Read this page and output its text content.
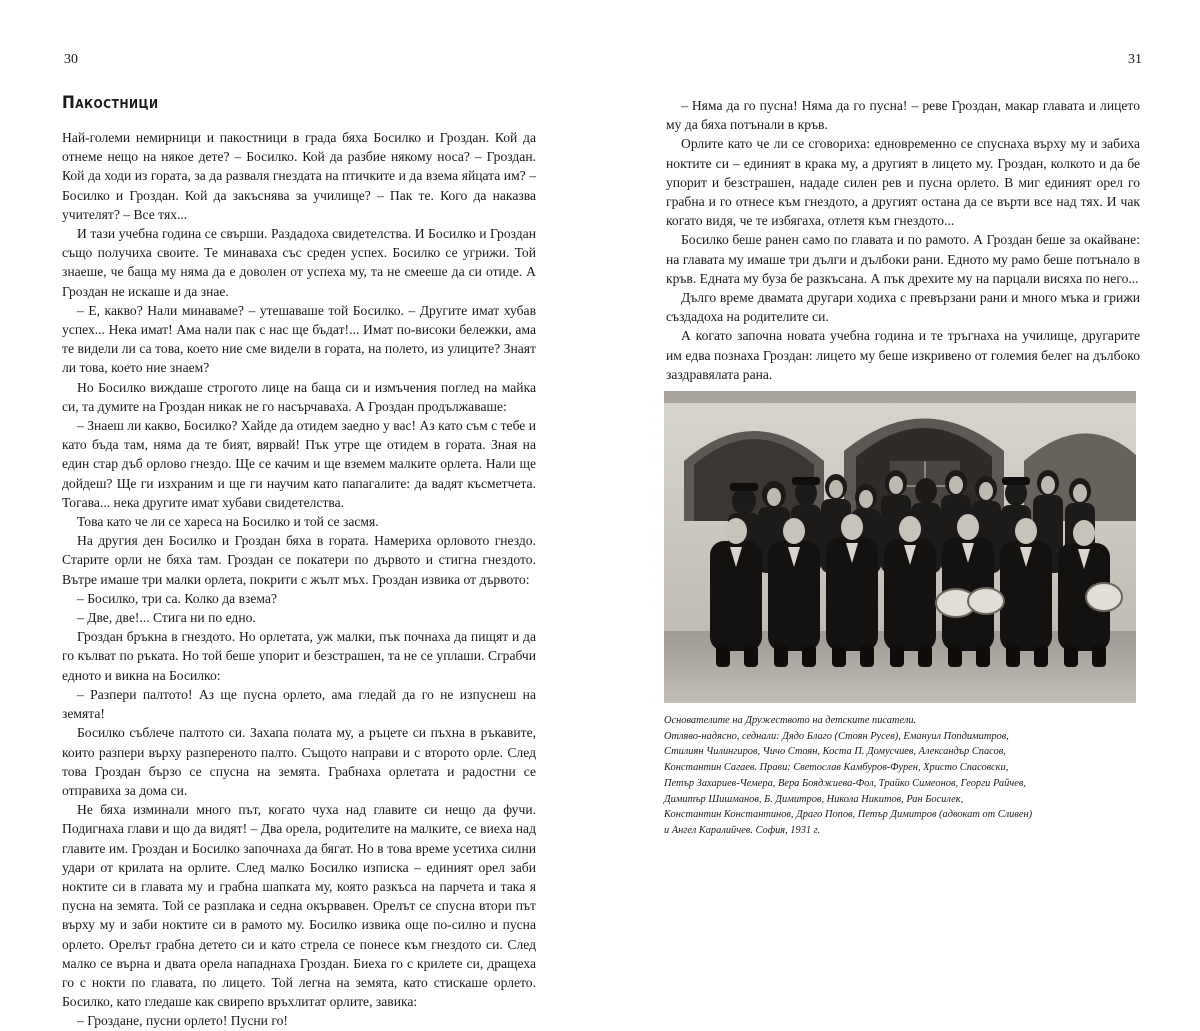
30
Пакостници

Най-големи немирници и пакостници в града бяха Босилко и Гроздан. Кой да отнеме нещо на някое дете? – Босилко. Кой да разбие някому носа? – Гроздан. Кой да ходи из гората, за да разваля гнездата на птичките и да взема яйцата им? – Босилко и Гроздан. Кой да закъснява за училище? – Пак те. Кого да наказва учителят? – Все тях...

И тази учебна година се свърши. Раздадоха свидетелства. И Босилко и Гроздан също получиха своите. Те минаваха със среден успех. Босилко се угрижи. Той знаеше, че баща му няма да е доволен от успеха му, та не смееше да си отиде. А Гроздан не искаше и да знае.

– Е, какво? Нали минаваме? – утешаваше той Босилко. – Другите имат хубав успех... Нека имат! Ама нали пак с нас ще бъдат!... Имат по-високи бележки, ама те видели ли са това, което ние сме видели в гората, на полето, из улиците? Знаят ли това, което ние знаем?

Но Босилко виждаше строгото лице на баща си и измъчения поглед на майка си, та думите на Гроздан никак не го насърчаваха. А Гроздан продължаваше:

– Знаеш ли какво, Босилко? Хайде да отидем заедно у вас! Аз като съм с тебе и като бъда там, няма да те бият, вярвай! Пък утре ще отидем в гората. Зная на един стар дъб орлово гнездо. Ще се качим и ще вземем малките орлета. Нали ще дойдеш? Ще ги изхраним и ще ги научим като папагалите: да вадят късметчета. Тогава... нека другите имат хубави свидетелства.

Това като че ли се хареса на Босилко и той се засмя.

На другия ден Босилко и Гроздан бяха в гората. Намериха орловото гнездо. Старите орли не бяха там. Гроздан се покатери по дървото и стигна гнездото. Вътре имаше три малки орлета, покрити с жълт мъх. Гроздан извика от дървото:

– Босилко, три са. Колко да взема?

– Две, две!... Стига ни по едно.

Гроздан бръкна в гнездото. Но орлетата, уж малки, пък почнаха да пищят и да го кълват по ръката. Но той беше упорит и безстрашен, та не се уплаши. Сграбчи едното и викна на Босилко:

– Разпери палтото! Аз ще пусна орлето, ама гледай да го не изпуснеш на земята!

Босилко съблече палтото си. Захапа полата му, а ръцете си пъхна в ръкавите, които разпери върху разпереното палто. Същото направи и с второто орле. След това Гроздан бързо се спусна на земята. Грабнаха орлетата и радостни се отправиха за дома си.

Не бяха изминали много път, когато чуха над главите си нещо да фучи. Подигнаха глави и що да видят! – Два орела, родителите на малките, се виеха над главите им. Гроздан и Босилко започнаха да бягат. Но в това време усетиха силни удари от крилата на орлите. След малко Босилко изписка – единият орел заби ноктите си в главата му и грабна шапката му, която разкъса на парчета и така я пусна на земята. Той се разплака и седна окървавен. Орелът се спусна втори път върху му и заби ноктите си в рамото му. Босилко извика още по-силно и пусна орлето. Орелът грабна детето си и като стрела се понесе към гнездото си. След малко се върна и двата орела нападнаха Гроздан. Биеха го с крилете си, дращеха го с нокти по главата, по лицето. Той легна на земята, като стискаше орлето. Босилко, като гледаше как свирепо връхлитат орлите, завика:

– Гроздане, пусни орлето! Пусни го!

31

– Няма да го пусна! Няма да го пусна! – реве Гроздан, макар главата и лицето му да бяха потънали в кръв.

Орлите като че ли се сговориха: едновременно се спуснаха върху му и забиха ноктите си – единият в крака му, а другият в лицето му. Гроздан, колкото и да бе упорит и безстрашен, нададе силен рев и пусна орлето. В миг единият орел го грабна и го отнесе към гнездото, а другият остана да се върти все над тях. И чак когато видя, че те избягаха, отлетя към гнездото...

Босилко беше ранен само по главата и по рамото. А Гроздан беше за окайване: на главата му имаше три дълги и дълбоки рани. Едното му рамо беше потънало в кръв. Едната му буза бе разкъсана. А пък дрехите му на парцали висяха по него...

Дълго време двамата другари ходиха с превързани рани и много мъка и грижи създадоха на родителите си.

А когато започна новата учебна година и те тръгнаха на училище, другарите им едва познаха Гроздан: лицето му беше изкривено от големия белег на дълбоко заздравялата рана.

Основателите на Дружеството на детските писатели.
Отляво-надясно, седнали: Дядо Благо (Стоян Русев), Емануил Попдимитров,
Стилиян Чилингиров, Чичо Стоян, Коста П. Домусчиев, Александър Спасов,
Константин Сагаев. Прави: Светослав Камбуров-Фурен, Христо Спасовски,
Петър Захариев-Чемера, Вера Бояджиева-Фол, Трайко Симеонов, Георги Райчев,
Димитър Шишманов, Б. Димитров, Никола Никитов, Ран Босилек,
Константин Константинов, Драго Попов, Петър Димитров (адвокат от Сливен)
и Ангел Каралийчев. София, 1931 г.
